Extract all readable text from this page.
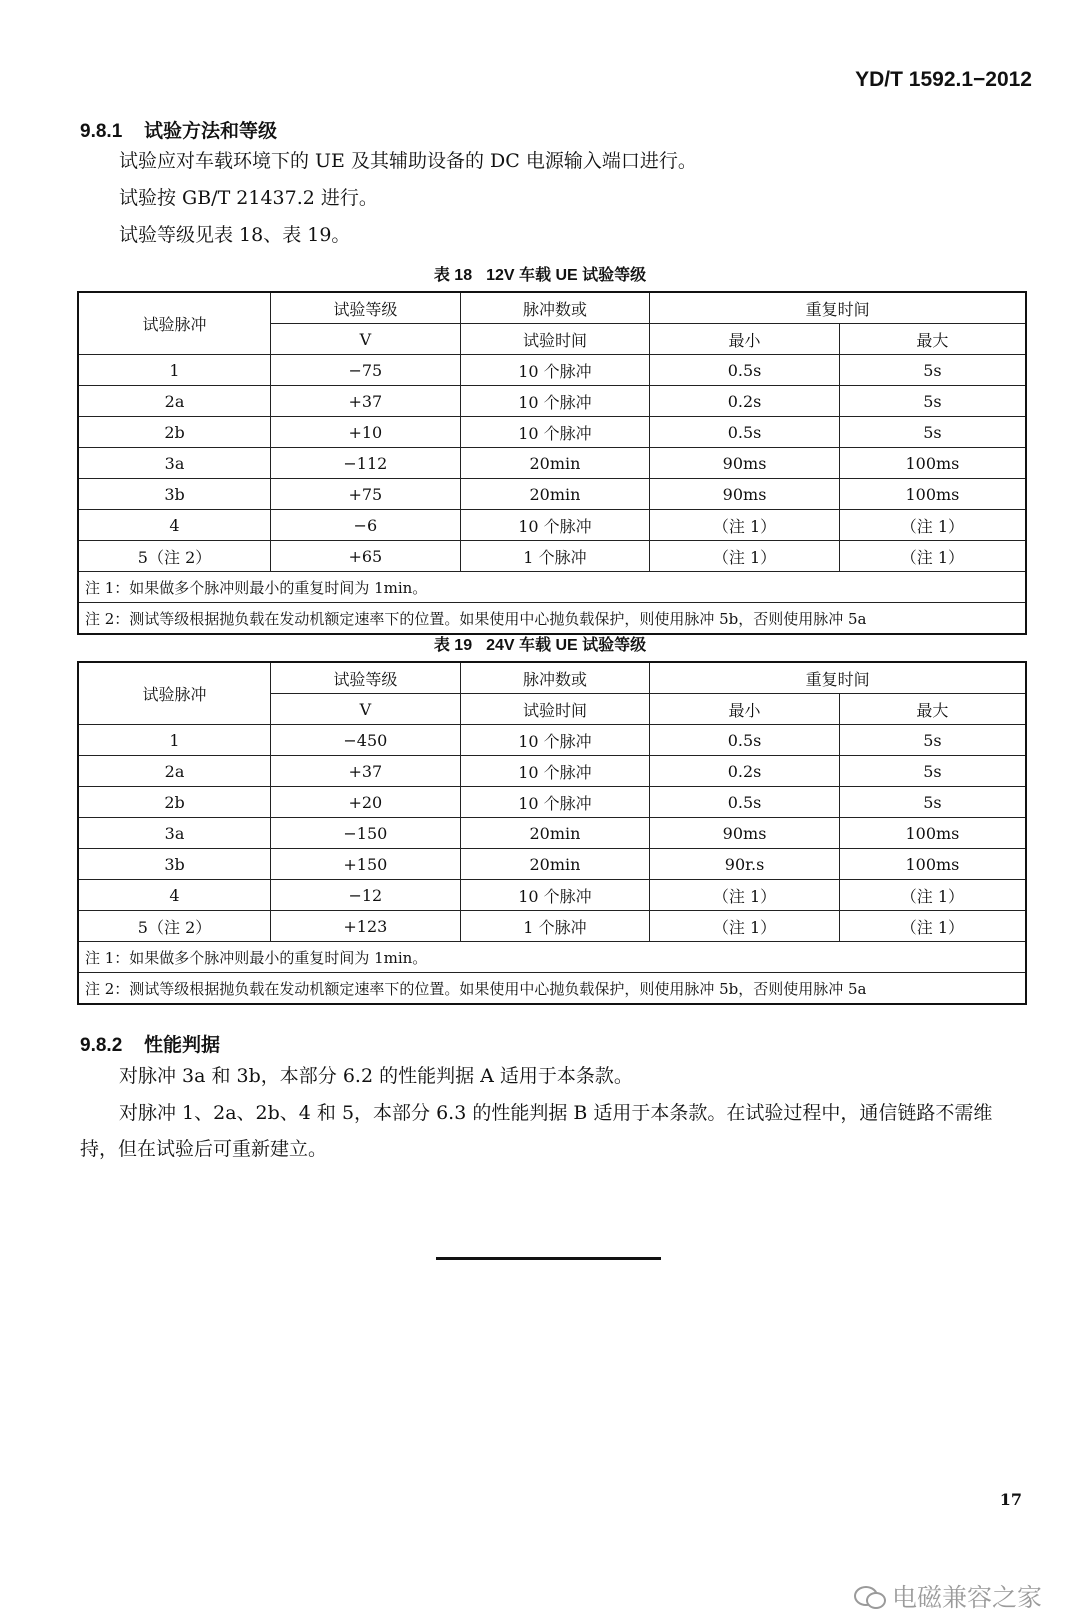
YD/T 1592.1−2012
9.8.1 试验方法和等级
试验应对车载环境下的 UE 及其辅助设备的 DC 电源输入端口进行。
试验按 GB/T 21437.2 进行。
试验等级见表 18、表 19。
表 18 12V 车载 UE 试验等级
试验脉冲	试验等级	脉冲数或	重复时间	
	V	试验时间	最小	最大
1	−75	10 个脉冲	0.5s	5s
2a	+37	10 个脉冲	0.2s	5s
2b	+10	10 个脉冲	0.5s	5s
3a	−112	20min	90ms	100ms
3b	+75	20min	90ms	100ms
4	−6	10 个脉冲	（注 1）	（注 1）
5（注 2）	+65	1 个脉冲	（注 1）	（注 1）
注 1：如果做多个脉冲则最小的重复时间为 1min。				
注 2：测试等级根据抛负载在发动机额定速率下的位置。如果使用中心抛负载保护，则使用脉冲 5b，否则使用脉冲 5a				
表 19 24V 车载 UE 试验等级
试验脉冲	试验等级	脉冲数或	重复时间	
	V	试验时间	最小	最大
1	−450	10 个脉冲	0.5s	5s
2a	+37	10 个脉冲	0.2s	5s
2b	+20	10 个脉冲	0.5s	5s
3a	−150	20min	90ms	100ms
3b	+150	20min	90r.s	100ms
4	−12	10 个脉冲	（注 1）	（注 1）
5（注 2）	+123	1 个脉冲	（注 1）	（注 1）
注 1：如果做多个脉冲则最小的重复时间为 1min。				
注 2：测试等级根据抛负载在发动机额定速率下的位置。如果使用中心抛负载保护，则使用脉冲 5b，否则使用脉冲 5a				
9.8.2 性能判据
对脉冲 3a 和 3b，本部分 6.2 的性能判据 A 适用于本条款。
对脉冲 1、2a、2b、4 和 5，本部分 6.3 的性能判据 B 适用于本条款。在试验过程中，通信链路不需维持，但在试验后可重新建立。
17
电磁兼容之家
